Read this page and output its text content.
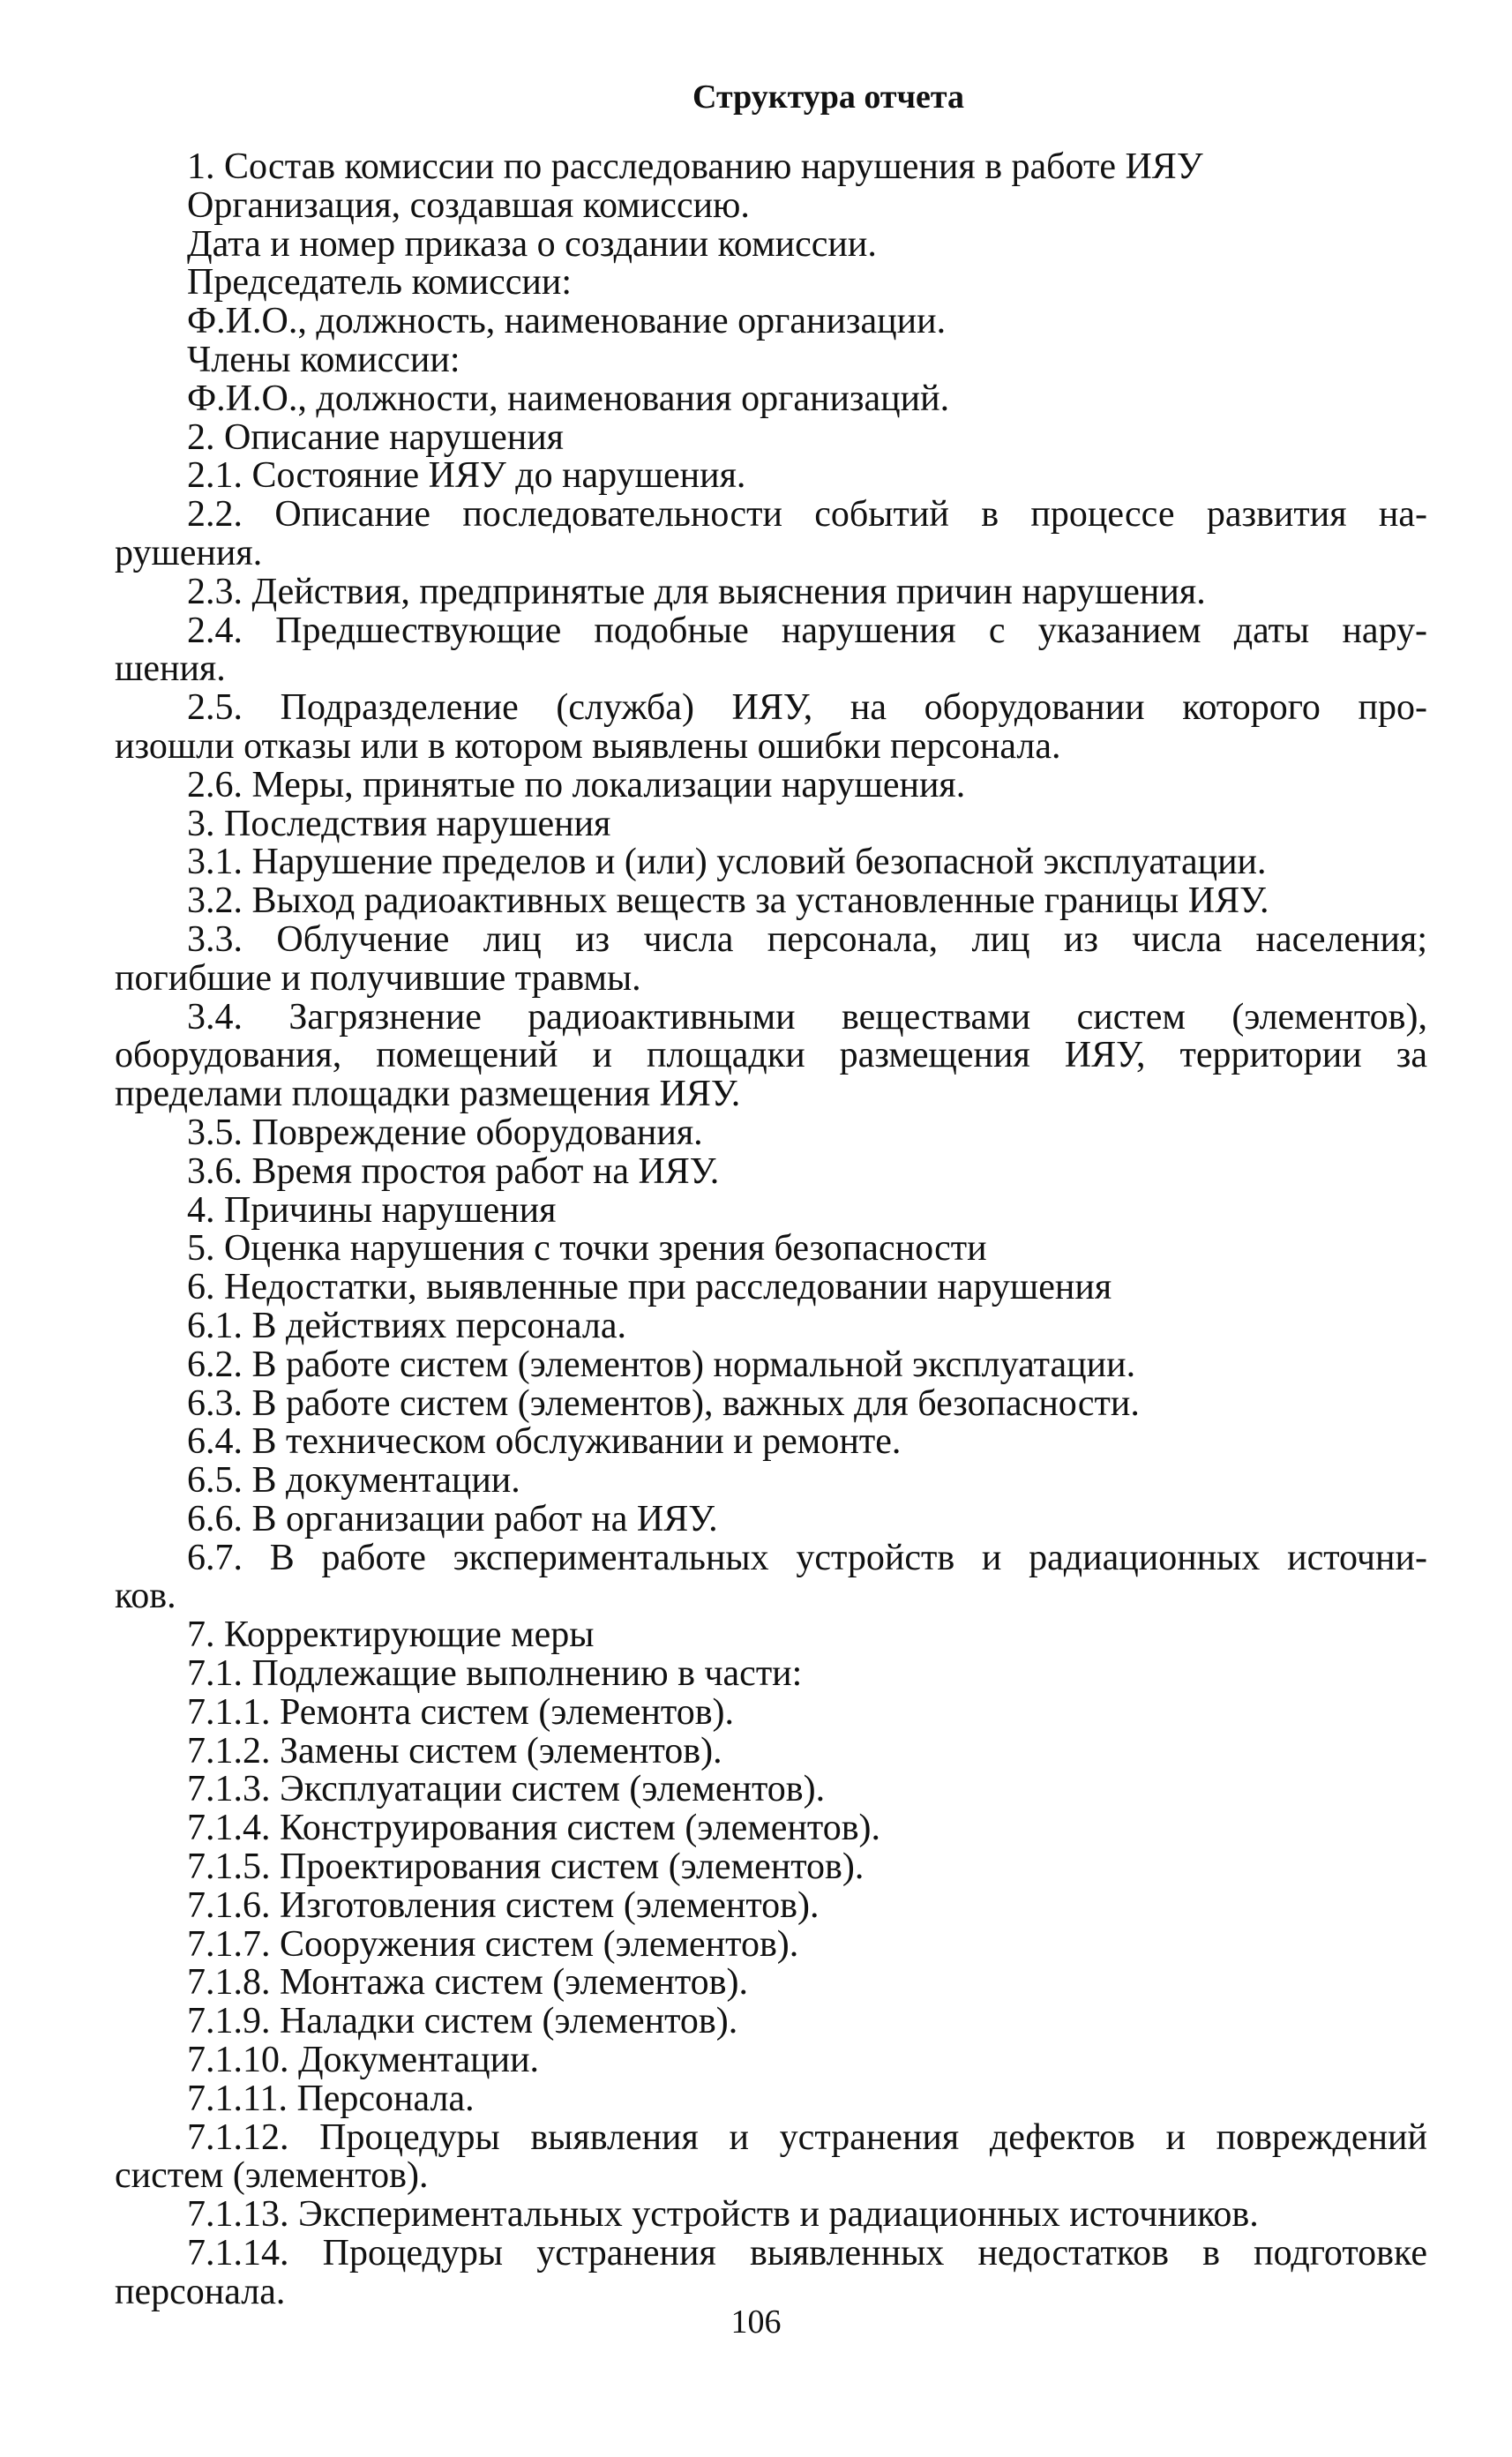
Структура отчета
1. Состав комиссии по расследованию нарушения в работе ИЯУ
Организация, создавшая комиссию.
Дата и номер приказа о создании комиссии.
Председатель комиссии:
Ф.И.О., должность, наименование организации.
Члены комиссии:
Ф.И.О., должности, наименования организаций.
2. Описание нарушения
2.1. Состояние ИЯУ до нарушения.
2.2. Описание последовательности событий в процессе развития на-
рушения.
2.3. Действия, предпринятые для выяснения причин нарушения.
2.4. Предшествующие подобные нарушения с указанием даты нару-
шения.
2.5. Подразделение (служба) ИЯУ, на оборудовании которого про-
изошли отказы или в котором выявлены ошибки персонала.
2.6. Меры, принятые по локализации нарушения.
3. Последствия нарушения
3.1. Нарушение пределов и (или) условий безопасной эксплуатации.
3.2. Выход радиоактивных веществ за установленные границы ИЯУ.
3.3. Облучение лиц из числа персонала, лиц из числа населения;
погибшие и получившие травмы.
3.4. Загрязнение радиоактивными веществами систем (элементов),
оборудования, помещений и площадки размещения ИЯУ, территории за
пределами площадки размещения ИЯУ.
3.5. Повреждение оборудования.
3.6. Время простоя работ на ИЯУ.
4. Причины нарушения
5. Оценка нарушения с точки зрения безопасности
6. Недостатки, выявленные при расследовании нарушения
6.1. В действиях персонала.
6.2. В работе систем (элементов) нормальной эксплуатации.
6.3. В работе систем (элементов), важных для безопасности.
6.4. В техническом обслуживании и ремонте.
6.5. В документации.
6.6. В организации работ на ИЯУ.
6.7. В работе экспериментальных устройств и радиационных источни-
ков.
7. Корректирующие меры
7.1. Подлежащие выполнению в части:
7.1.1. Ремонта систем (элементов).
7.1.2. Замены систем (элементов).
7.1.3. Эксплуатации систем (элементов).
7.1.4. Конструирования систем (элементов).
7.1.5. Проектирования систем (элементов).
7.1.6. Изготовления систем (элементов).
7.1.7. Сооружения систем (элементов).
7.1.8. Монтажа систем (элементов).
7.1.9. Наладки систем (элементов).
7.1.10. Документации.
7.1.11. Персонала.
7.1.12. Процедуры выявления и устранения дефектов и повреждений
систем (элементов).
7.1.13. Экспериментальных устройств и радиационных источников.
7.1.14. Процедуры устранения выявленных недостатков в подготовке
персонала.
106
